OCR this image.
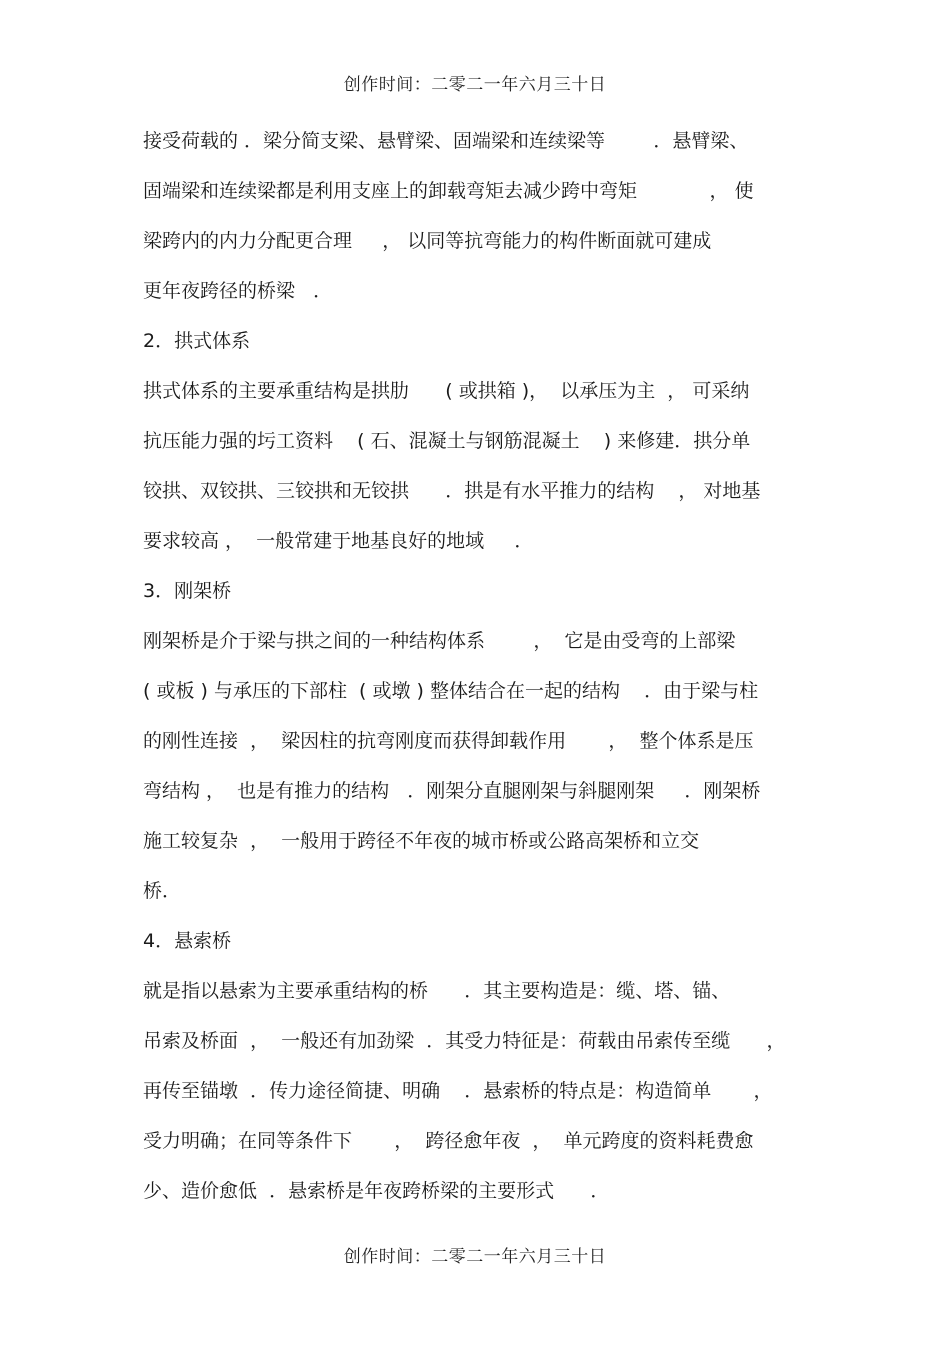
创作时间：二零二一年六月三十日
接受荷载的 ．梁分简支梁、悬臂梁、固端梁和连续梁等        ．悬臂梁、
固端梁和连续梁都是利用支座上的卸载弯矩去减少跨中弯矩            ， 使
梁跨内的内力分配更合理     ， 以同等抗弯能力的构件断面就可建成
更年夜跨径的桥梁   ．
2．拱式体系
拱式体系的主要承重结构是拱肋      ( 或拱箱 )，  以承压为主  ， 可采纳
抗压能力强的圬工资料    ( 石、混凝土与钢筋混凝土    ) 来修建．拱分单
铰拱、双铰拱、三铰拱和无铰拱      ．拱是有水平推力的结构    ， 对地基
要求较高 ，  一般常建于地基良好的地域     ．
3．刚架桥
刚架桥是介于梁与拱之间的一种结构体系        ，  它是由受弯的上部梁
( 或板 ) 与承压的下部柱  ( 或墩 ) 整体结合在一起的结构    ．由于梁与柱
的刚性连接  ，  梁因柱的抗弯刚度而获得卸载作用       ，  整个体系是压
弯结构 ，  也是有推力的结构   ．刚架分直腿刚架与斜腿刚架     ．刚架桥
施工较复杂  ，  一般用于跨径不年夜的城市桥或公路高架桥和立交
桥．
4．悬索桥
就是指以悬索为主要承重结构的桥      ．其主要构造是：缆、塔、锚、
吊索及桥面  ，  一般还有加劲梁  ．其受力特征是：荷载由吊索传至缆      ，
再传至锚墩  ．传力途径简捷、明确    ．悬索桥的特点是：构造简单       ，
受力明确；在同等条件下       ，  跨径愈年夜  ，  单元跨度的资料耗费愈
少、造价愈低  ．悬索桥是年夜跨桥梁的主要形式      ．
创作时间：二零二一年六月三十日
